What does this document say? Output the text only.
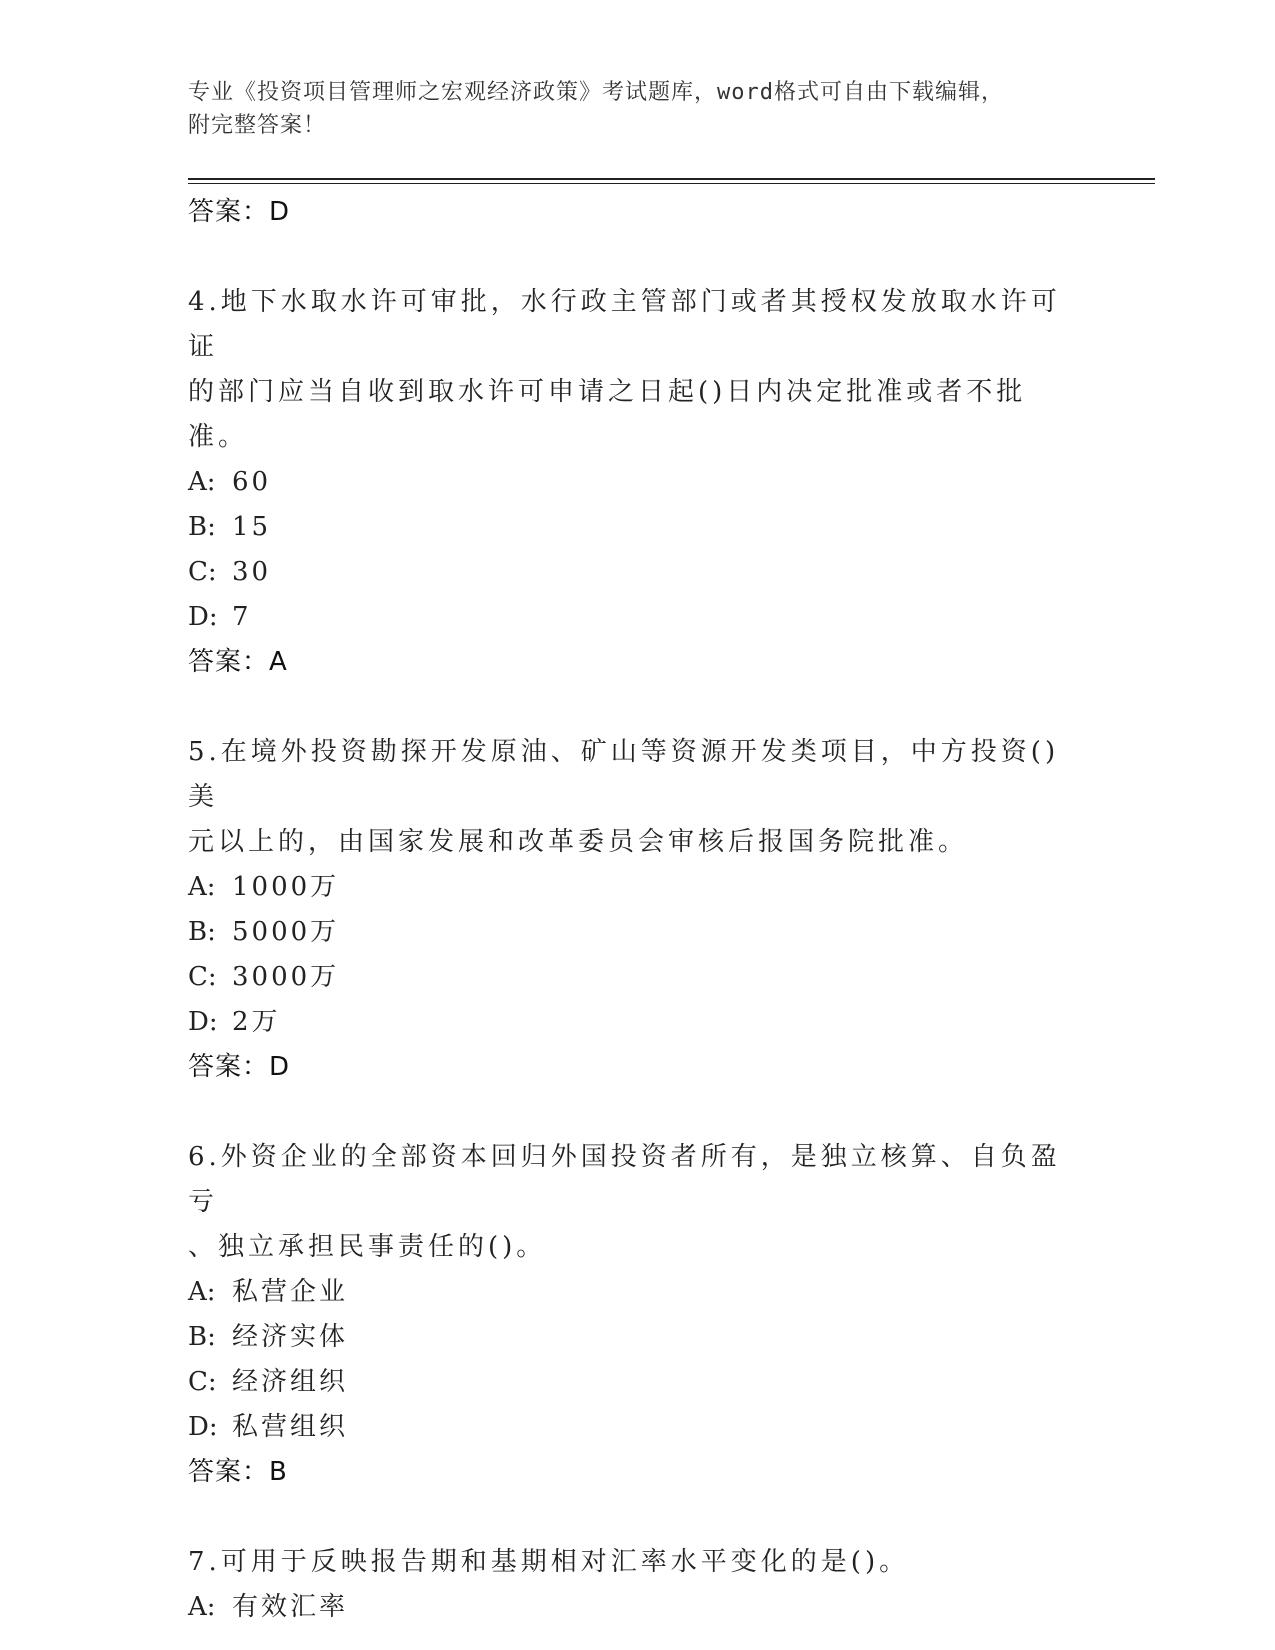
专业《投资项目管理师之宏观经济政策》考试题库，word格式可自由下载编辑，
附完整答案！
答案：D
4.地下水取水许可审批，水行政主管部门或者其授权发放取水许可证
的部门应当自收到取水许可申请之日起()日内决定批准或者不批准。
A: 60
B: 15
C: 30
D: 7
答案：A
5.在境外投资勘探开发原油、矿山等资源开发类项目，中方投资()美
元以上的，由国家发展和改革委员会审核后报国务院批准。
A: 1000万
B: 5000万
C: 3000万
D: 2万
答案：D
6.外资企业的全部资本回归外国投资者所有，是独立核算、自负盈亏
、独立承担民事责任的()。
A: 私营企业
B: 经济实体
C: 经济组织
D: 私营组织
答案：B
7.可用于反映报告期和基期相对汇率水平变化的是()。
A: 有效汇率
